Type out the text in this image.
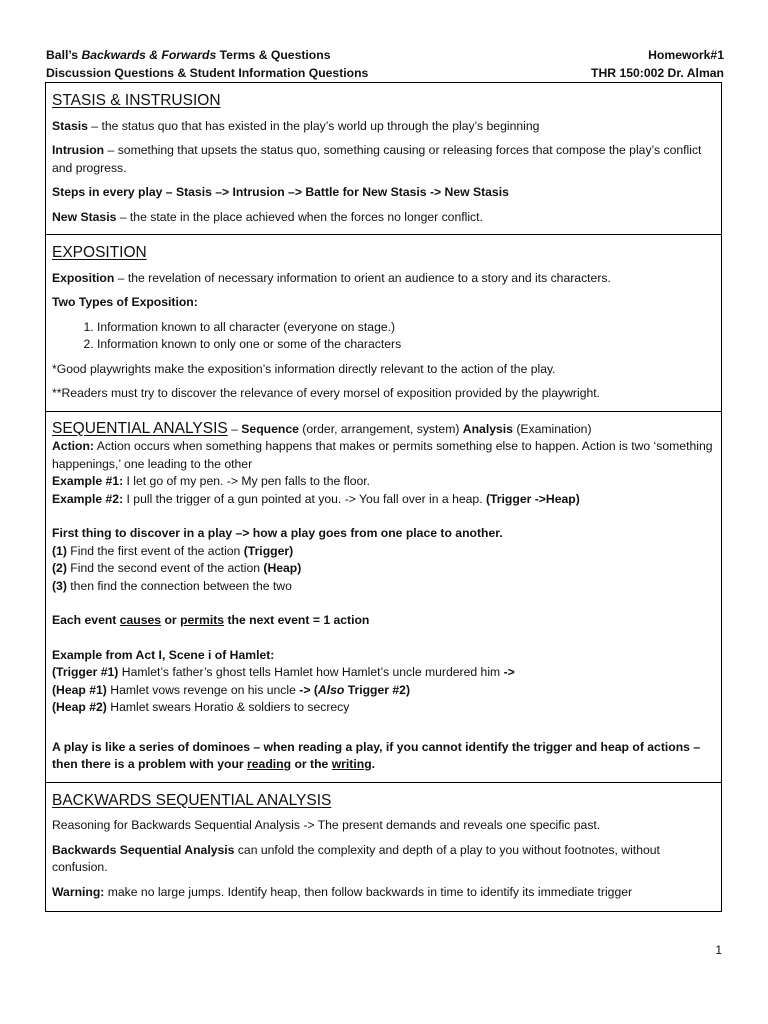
Ball’s Backwards & Forwards Terms & Questions	Homework#1
Discussion Questions & Student Information Questions	THR 150:002 Dr. Alman
STASIS & INSTRUSION

Stasis – the status quo that has existed in the play’s world up through the play’s beginning

Intrusion – something that upsets the status quo, something causing or releasing forces that compose the play’s conflict and progress.

Steps in every play – Stasis –> Intrusion –> Battle for New Stasis -> New Stasis

New Stasis – the state in the place achieved when the forces no longer conflict.

EXPOSITION

Exposition – the revelation of necessary information to orient an audience to a story and its characters.

Two Types of Exposition:

1. Information known to all character (everyone on stage.)
2. Information known to only one or some of the characters

*Good playwrights make the exposition’s information directly relevant to the action of the play.

**Readers must try to discover the relevance of every morsel of exposition provided by the playwright.

SEQUENTIAL ANALYSIS – Sequence (order, arrangement, system) Analysis (Examination)

Action: Action occurs when something happens that makes or permits something else to happen. Action is two ‘something happenings,’ one leading to the other

Example #1: I let go of my pen. -> My pen falls to the floor.

Example #2: I pull the trigger of a gun pointed at you. -> You fall over in a heap. (Trigger ->Heap)

First thing to discover in a play –> how a play goes from one place to another.

(1) Find the first event of the action (Trigger)

(2) Find the second event of the action (Heap)

(3) then find the connection between the two

Each event causes or permits the next event = 1 action

Example from Act I, Scene i of Hamlet:

(Trigger #1) Hamlet’s father’s ghost tells Hamlet how Hamlet’s uncle murdered him ->

(Heap #1) Hamlet vows revenge on his uncle -> (Also Trigger #2)

(Heap #2) Hamlet swears Horatio & soldiers to secrecy

A play is like a series of dominoes – when reading a play, if you cannot identify the trigger and heap of actions – then there is a problem with your reading or the writing.

BACKWARDS SEQUENTIAL ANALYSIS

Reasoning for Backwards Sequential Analysis -> The present demands and reveals one specific past.

Backwards Sequential Analysis can unfold the complexity and depth of a play to you without footnotes, without confusion.

Warning: make no large jumps. Identify heap, then follow backwards in time to identify its immediate trigger

1
